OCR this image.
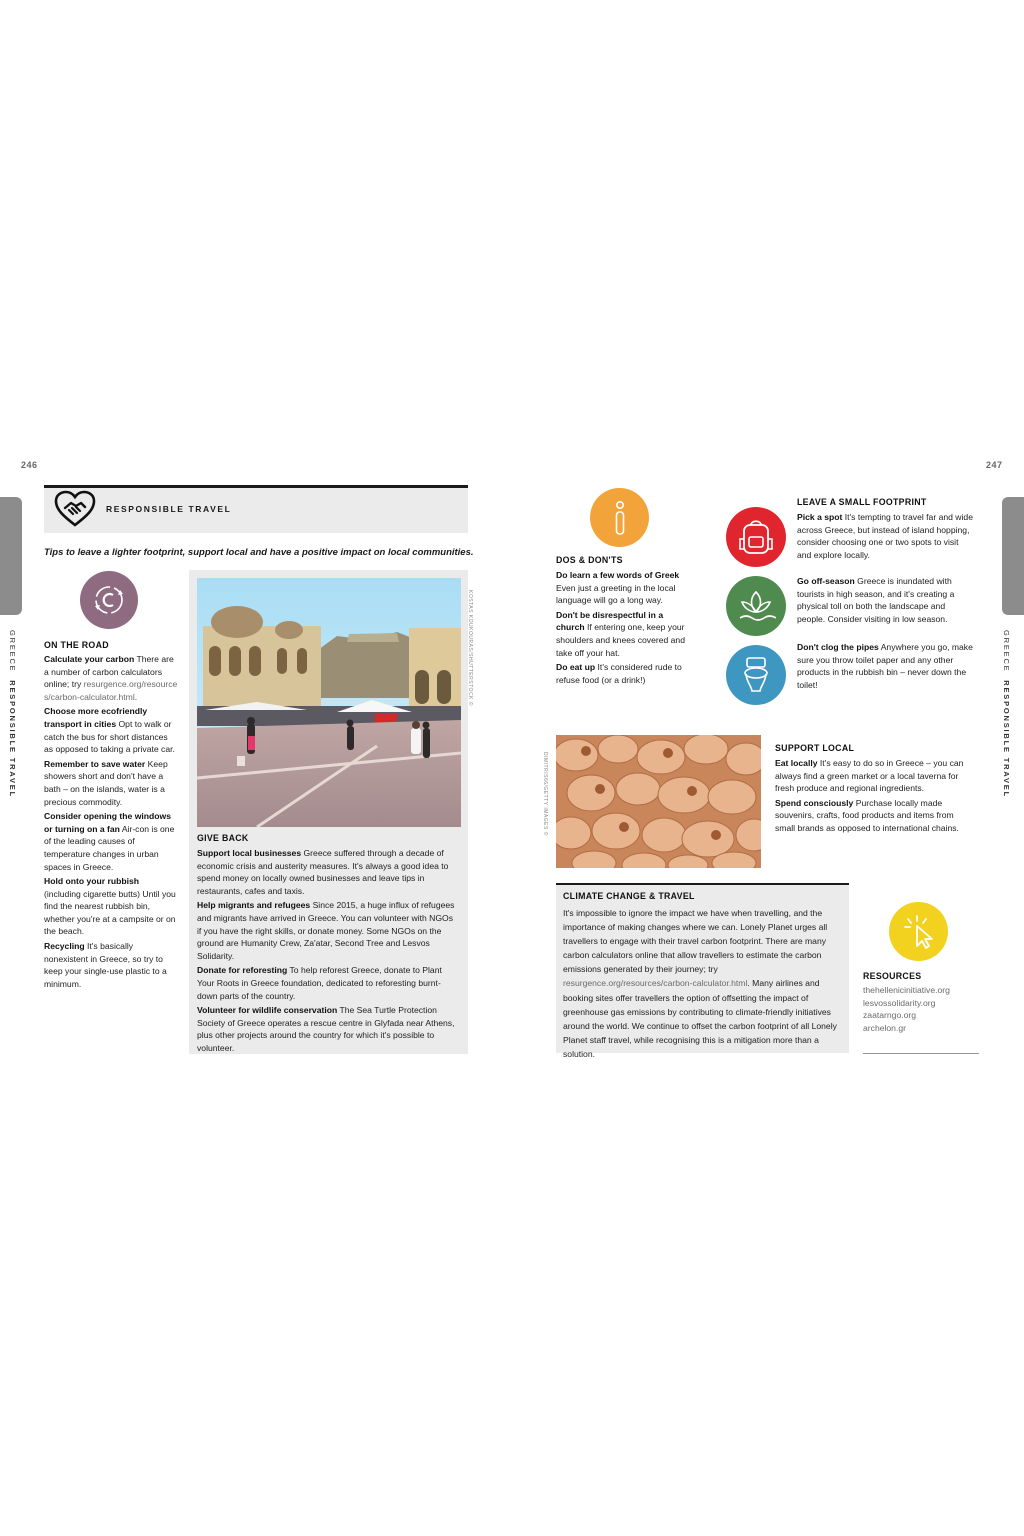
246	247
GREECE  RESPONSIBLE TRAVEL
GREECE  RESPONSIBLE TRAVEL
RESPONSIBLE TRAVEL
Tips to leave a lighter footprint, support local and have a positive impact on local communities.
ON THE ROAD

Calculate your carbon There are a number of carbon calculators online; try resurgence.org/resources/carbon-calculator.html.

Choose more ecofriendly transport in cities Opt to walk or catch the bus for short distances as opposed to taking a private car.

Remember to save water Keep showers short and don't have a bath – on the islands, water is a precious commodity.

Consider opening the windows or turning on a fan Air-con is one of the leading causes of temperature changes in urban spaces in Greece.

Hold onto your rubbish (including cigarette butts) Until you find the nearest rubbish bin, whether you're at a campsite or on the beach.

Recycling It's basically nonexistent in Greece, so try to keep your single-use plastic to a minimum.

KOSTAS KOUKOURAS/SHUTTERSTOCK ©
GIVE BACK

Support local businesses Greece suffered through a decade of economic crisis and austerity measures. It's always a good idea to spend money on locally owned businesses and leave tips in restaurants, cafes and taxis.

Help migrants and refugees Since 2015, a huge influx of refugees and migrants have arrived in Greece. You can volunteer with NGOs if you have the right skills, or donate money. Some NGOs on the ground are Humanity Crew, Za'atar, Second Tree and Lesvos Solidarity.

Donate for reforesting To help reforest Greece, donate to Plant Your Roots in Greece foundation, dedicated to reforesting burnt-down parts of the country.

Volunteer for wildlife conservation The Sea Turtle Protection Society of Greece operates a rescue centre in Glyfada near Athens, plus other projects around the country for which it's possible to volunteer.

DOS & DON'TS

Do learn a few words of Greek
Even just a greeting in the local language will go a long way.

Don't be disrespectful in a church If entering one, keep your shoulders and knees covered and take off your hat.

Do eat up It's considered rude to refuse food (or a drink!)

LEAVE A SMALL FOOTPRINT
Pick a spot It's tempting to travel far and wide across Greece, but instead of island hopping, consider choosing one or two spots to visit and explore locally.
Go off-season Greece is inundated with tourists in high season, and it's creating a physical toll on both the landscape and people. Consider visiting in low season.
Don't clog the pipes Anywhere you go, make sure you throw toilet paper and any other products in the rubbish bin – never down the toilet!
DIMITRIS66/GETTY IMAGES ©
SUPPORT LOCAL

Eat locally It's easy to do so in Greece – you can always find a green market or a local taverna for fresh produce and regional ingredients.

Spend consciously Purchase locally made souvenirs, crafts, food products and items from small brands as opposed to international chains.

CLIMATE CHANGE & TRAVEL
It's impossible to ignore the impact we have when travelling, and the importance of making changes where we can. Lonely Planet urges all travellers to engage with their travel carbon footprint. There are many carbon calculators online that allow travellers to estimate the carbon emissions generated by their journey; try resurgence.org/resources/carbon-calculator.html. Many airlines and booking sites offer travellers the option of offsetting the impact of greenhouse gas emissions by contributing to climate-friendly initiatives around the world. We continue to offset the carbon footprint of all Lonely Planet staff travel, while recognising this is a mitigation more than a solution.
RESOURCES
thehellenicinitiative.org
lesvossolidarity.org
zaatarngo.org
archelon.gr
